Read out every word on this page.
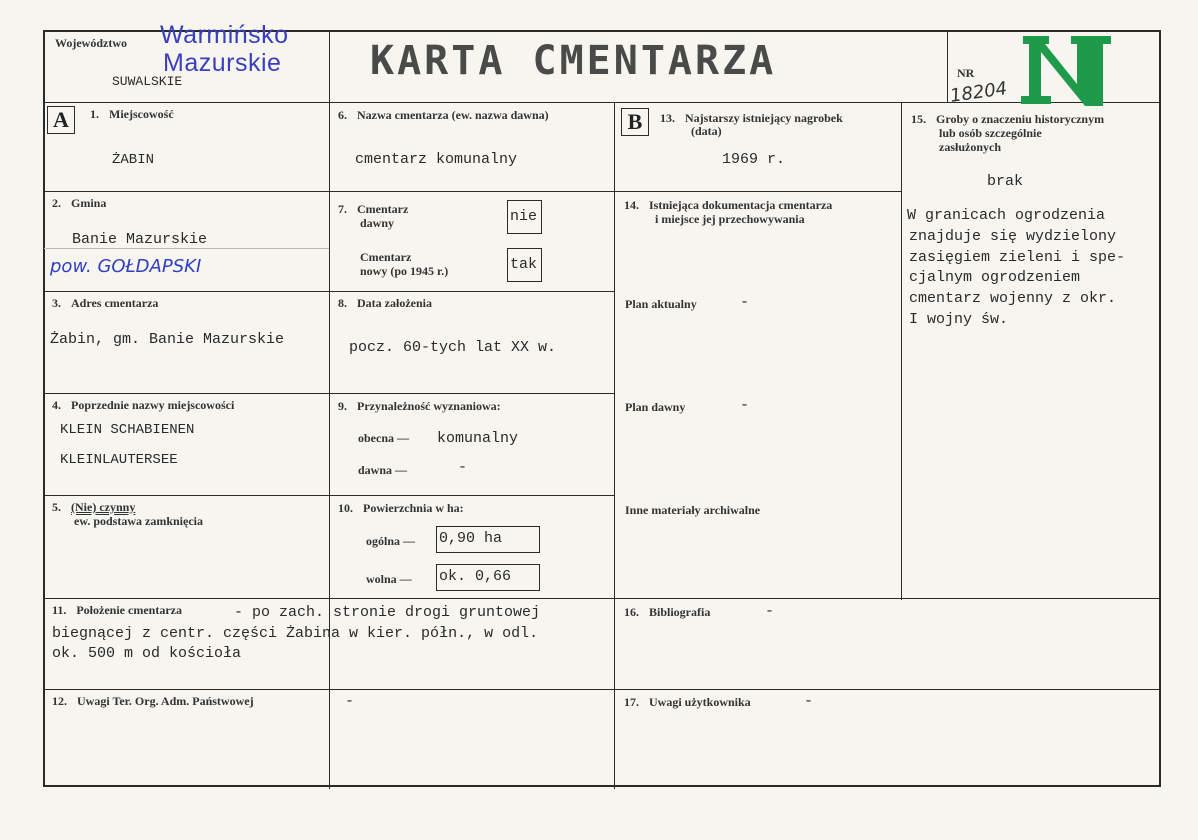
Województwo Warmińsko
Mazurskie
SUWALSKIE	KARTA CMENTARZA	NR
18204
A	B
1. Miejscowość
ŻABIN
2. Gmina
Banie Mazurskie
pow. GOŁDAPSKI
3. Adres cmentarza
Żabin, gm. Banie Mazurskie
4. Poprzednie nazwy miejscowości
KLEIN SCHABIENEN
KLEINLAUTERSEE
5. (Nie) czynny
ew. podstawa zamknięcia
6. Nazwa cmentarza (ew. nazwa dawna)
cmentarz komunalny
7. Cmentarz
dawny	nie
Cmentarz
nowy (po 1945 r.)	tak
8. Data założenia
pocz. 60-tych lat XX w.
9. Przynależność wyznaniowa:
obecna — komunalny
dawna —	-
10. Powierzchnia w ha:
ogólna — 0,90 ha
wolna — ok. 0,66
11. Położenie cmentarza	- po zach. stronie drogi gruntowej
biegnącej z centr. części Żabina w kier. półn., w odl.
ok. 500 m od kościoła
12. Uwagi Ter. Org. Adm. Państwowej	-
13. Najstarszy istniejący nagrobek
(data)
1969 r.
14. Istniejąca dokumentacja cmentarza
i miejsce jej przechowywania
Plan aktualny	-
Plan dawny	-
Inne materiały archiwalne
15. Groby o znaczeniu historycznym
lub osób szczególnie
zasłużonych
brak
W granicach ogrodzenia
znajduje się wydzielony
zasięgiem zieleni i spe-
cjalnym ogrodzeniem
cmentarz wojenny z okr.
I wojny św.
16. Bibliografia	-
17. Uwagi użytkownika	-
